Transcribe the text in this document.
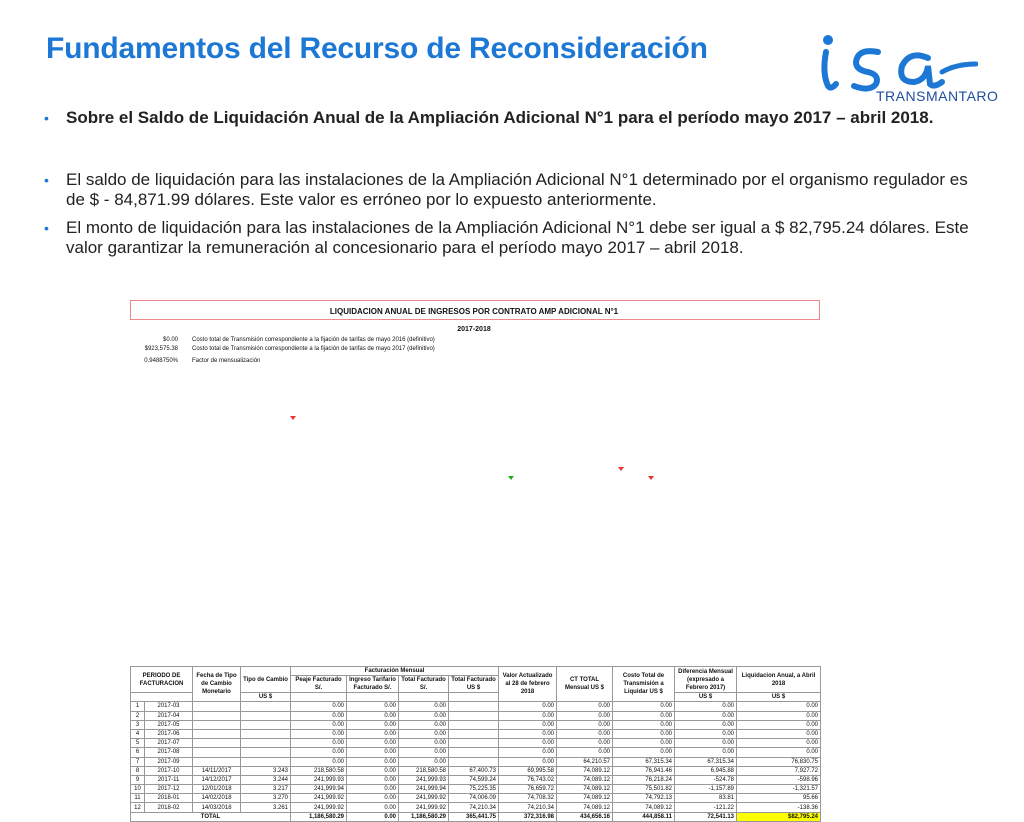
Fundamentos del Recurso de Reconsideración
TRANSMANTARO
• Sobre el Saldo de Liquidación Anual de la Ampliación Adicional N°1 para el período mayo 2017 – abril 2018.
• El saldo de liquidación para las instalaciones de la Ampliación Adicional N°1 determinado por el organismo regulador es de $ - 84,871.99 dólares. Este valor es erróneo por lo expuesto anteriormente.
• El monto de liquidación para las instalaciones de la Ampliación Adicional N°1 debe ser igual a $ 82,795.24 dólares. Este valor garantizar la remuneración al concesionario para el período mayo 2017 – abril 2018.
LIQUIDACION ANUAL DE INGRESOS POR CONTRATO AMP ADICIONAL N°1
2017-2018
$0.00 Costo total de Transmisión correspondiente a la fijación de tarifas de mayo 2016 (definitivo)
$923,575.38 Costo total de Transmisión correspondiente a la fijación de tarifas de mayo 2017 (definitivo)
0.9488750% Factor de mensualización
PERIODO DE FACTURACION		Fecha de Tipo de Cambio Monetario	Tipo de Cambio	Facturación Mensual				Valor Actualizado al 28 de febrero 2018	CT TOTAL Mensual US $	Costo Total de Transmisión a Liquidar US $	Diferencia Mensual (expresado a Febrero 2017)	Liquidacion Anual, a Abril 2018
				Peaje Facturado S/.	Ingreso Tarifario Facturado S/.	Total Facturado S/.	Total Facturado US $					
			US $								US $	US $
1	2017-03			0.00	0.00	0.00		0.00	0.00	0.00	0.00	0.00
2	2017-04			0.00	0.00	0.00		0.00	0.00	0.00	0.00	0.00
3	2017-05			0.00	0.00	0.00		0.00	0.00	0.00	0.00	0.00
4	2017-06			0.00	0.00	0.00		0.00	0.00	0.00	0.00	0.00
5	2017-07			0.00	0.00	0.00		0.00	0.00	0.00	0.00	0.00
6	2017-08			0.00	0.00	0.00		0.00	0.00	0.00	0.00	0.00
7	2017-09			0.00	0.00	0.00		0.00	64,210.57	67,315.34	67,315.34	76,830.75
8	2017-10	14/11/2017	3.243	218,580.58	0.00	218,580.58	67,400.73	69,995.58	74,089.12	76,941.46	6,945.88	7,927.72
9	2017-11	14/12/2017	3.244	241,999.93	0.00	241,999.93	74,599.24	76,743.02	74,089.12	76,218.24	-524.78	-598.96
10	2017-12	12/01/2018	3.217	241,999.94	0.00	241,999.94	75,225.35	76,659.72	74,089.12	75,501.82	-1,157.89	-1,321.57
11	2018-01	14/02/2018	3.270	241,999.92	0.00	241,999.92	74,006.09	74,708.32	74,089.12	74,792.13	83.81	95.66
12	2018-02	14/03/2018	3.261	241,999.92	0.00	241,999.92	74,210.34	74,210.34	74,089.12	74,089.12	-121.22	-138.36
TOTAL				1,186,580.29	0.00	1,186,580.29	365,441.75	372,316.98	434,656.16	444,858.11	72,541.13	$82,795.24
